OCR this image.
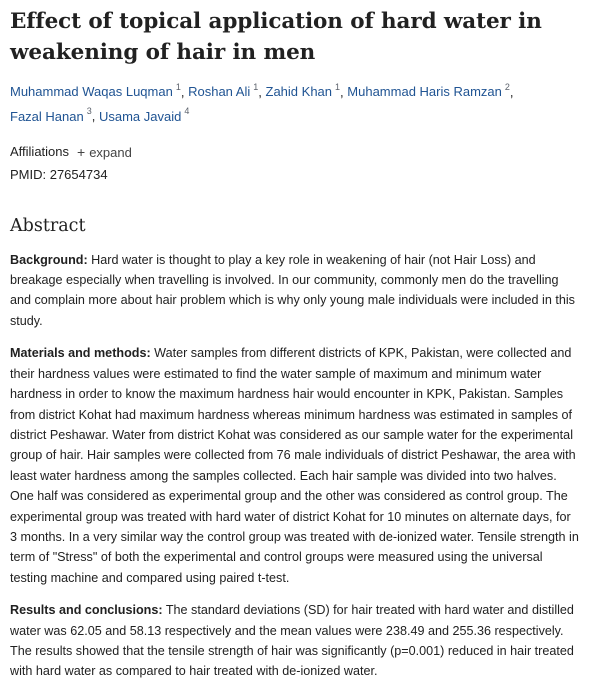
Effect of topical application of hard water in weakening of hair in men
Muhammad Waqas Luqman $^1$, Roshan Ali $^1$, Zahid Khan $^1$, Muhammad Haris Ramzan $^2$,
Fazal Hanan $^3$, Usama Javaid $^4$
Affiliations + expand
PMID: 27654734
Abstract
Background: Hard water is thought to play a key role in weakening of hair (not Hair Loss) and breakage especially when travelling is involved. In our community, commonly men do the travelling and complain more about hair problem which is why only young male individuals were included in this study.
Materials and methods: Water samples from different districts of KPK, Pakistan, were collected and their hardness values were estimated to find the water sample of maximum and minimum water hardness in order to know the maximum hardness hair would encounter in KPK, Pakistan. Samples from district Kohat had maximum hardness whereas minimum hardness was estimated in samples of district Peshawar. Water from district Kohat was considered as our sample water for the experimental group of hair. Hair samples were collected from 76 male individuals of district Peshawar, the area with least water hardness among the samples collected. Each hair sample was divided into two halves. One half was considered as experimental group and the other was considered as control group. The experimental group was treated with hard water of district Kohat for 10 minutes on alternate days, for 3 months. In a very similar way the control group was treated with de-ionized water. Tensile strength in term of "Stress" of both the experimental and control groups were measured using the universal testing machine and compared using paired t-test.
Results and conclusions: The standard deviations (SD) for hair treated with hard water and distilled water was 62.05 and 58.13 respectively and the mean values were 238.49 and 255.36 respectively. The results showed that the tensile strength of hair was significantly (p=0.001) reduced in hair treated with hard water as compared to hair treated with de-ionized water.
